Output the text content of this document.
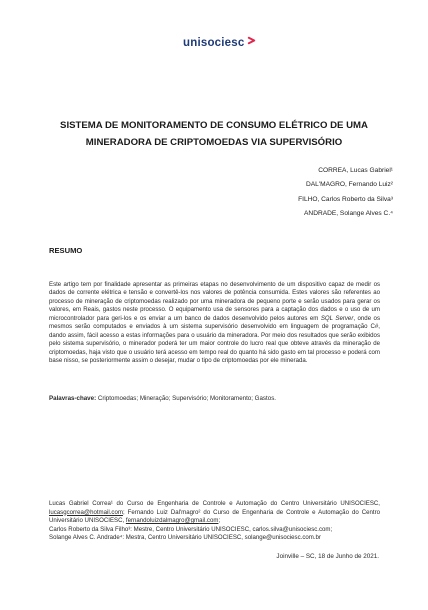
unisociesc
SISTEMA DE MONITORAMENTO DE CONSUMO ELÉTRICO DE UMA
MINERADORA DE CRIPTOMOEDAS VIA SUPERVISÓRIO
CORREA, Lucas Gabriel¹
DAL'MAGRO, Fernando Luiz²
FILHO, Carlos Roberto da Silva³
ANDRADE, Solange Alves C.⁴
RESUMO

Este artigo tem por finalidade apresentar as primeiras etapas no desenvolvimento de um dispositivo capaz de medir os dados de corrente elétrica e tensão e convertê-los nos valores de potência consumida. Estes valores são referentes ao processo de mineração de criptomoedas realizado por uma mineradora de pequeno porte e serão usados para gerar os valores, em Reais, gastos neste processo. O equipamento usa de sensores para a captação dos dados e o uso de um microcontrolador para geri-los e os enviar a um banco de dados desenvolvido pelos autores em SQL Server, onde os mesmos serão computados e enviados à um sistema supervisório desenvolvido em linguagem de programação C#, dando assim, fácil acesso a estas informações para o usuário da mineradora. Por meio dos resultados que serão exibidos pelo sistema supervisório, o minerador poderá ter um maior controle do lucro real que obteve através da mineração de criptomoedas, haja visto que o usuário terá acesso em tempo real do quanto há sido gasto em tal processo e poderá com base nisso, se posteriormente assim o desejar, mudar o tipo de criptomoedas por ele minerada.

Palavras-chave: Criptomoedas; Mineração; Supervisório; Monitoramento; Gastos.

Lucas Gabriel Correa¹ do Curso de Engenharia de Controle e Automação do Centro Universitário UNISOCIESC, lucasgcorrea@hotmail.com; Fernando Luiz Dal'magro² do Curso de Engenharia de Controle e Automação do Centro Universitário UNISOCIESC, fernandoluizdalmagro@gmail.com;

Carlos Roberto da Silva Filho³: Mestre, Centro Universitário UNISOCIESC, carlos.silva@unisociesc.com;

Solange Alves C. Andrade⁴: Mestra, Centro Universitário UNISOCIESC, solange@unisociesc.com.br

Joinville – SC, 18 de Junho de 2021.
